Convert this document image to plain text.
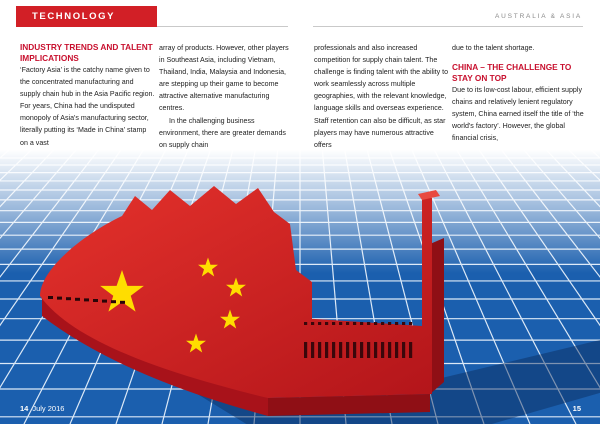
TECHNOLOGY	AUSTRALIA & ASIA
INDUSTRY TRENDS AND TALENT IMPLICATIONS

‘Factory Asia’ is the catchy name given to the concentrated manufacturing and supply chain hub in the Asia Pacific region. For years, China had the undisputed monopoly of Asia's manufacturing sector, literally putting its ‘Made in China’ stamp on a vast

array of products. However, other players in Southeast Asia, including Vietnam, Thailand, India, Malaysia and Indonesia, are stepping up their game to become attractive alternative manufacturing centres.

In the challenging business environment, there are greater demands on supply chain

professionals and also increased competition for supply chain talent. The challenge is finding talent with the ability to work seamlessly across multiple geographies, with the relevant knowledge, language skills and overseas experience. Staff retention can also be difficult, as star players may have numerous attractive offers

due to the talent shortage.

CHINA – THE CHALLENGE TO STAY ON TOP

Due to its low-cost labour, efficient supply chains and relatively lenient regulatory system, China earned itself the title of ‘the world's factory’. However, the global financial crisis,

14 July 2016	15
